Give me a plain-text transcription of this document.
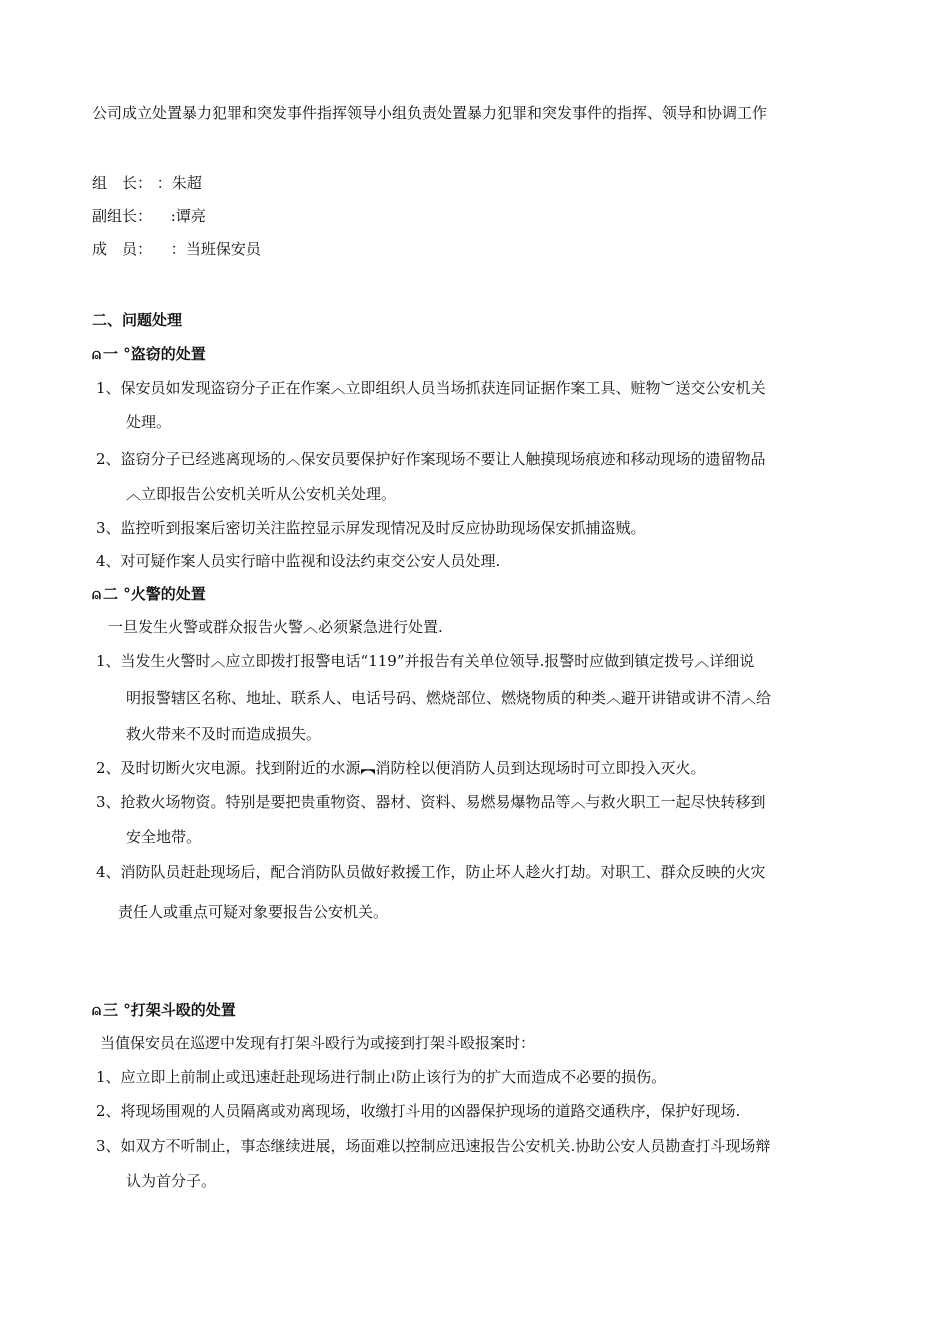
公司成立处置暴力犯罪和突发事件指挥领导小组负责处置暴力犯罪和突发事件的指挥、领导和协调工作
组　长： ：朱超
副组长： :谭亮
成　员： ：当班保安员
二、问题处理
⍝ 一 °盗窃的处置
1、保安员如发现盗窃分子正在作案︿立即组织人员当场抓获连同证据作案工具、赃物︶送交公安机关
处理。
2、盗窃分子已经逃离现场的︿保安员要保护好作案现场不要让人触摸现场痕迹和移动现场的遗留物品
︿立即报告公安机关听从公安机关处理。
3、监控听到报案后密切关注监控显示屏发现情况及时反应协助现场保安抓捕盗贼。
4、对可疑作案人员实行暗中监视和设法约束交公安人员处理.
⍝ 二 °火警的处置
一旦发生火警或群众报告火警︿必须紧急进行处置.
1、当发生火警时︿应立即拨打报警电话“119”并报告有关单位领导.报警时应做到镇定拨号︿详细说
明报警辖区名称、地址、联系人、电话号码、燃烧部位、燃烧物质的种类︿避开讲错或讲不清︿给
救火带来不及时而造成损失。
2、及时切断火灾电源。找到附近的水源︻消防栓以便消防人员到达现场时可立即投入灭火。
3、抢救火场物资。特别是要把贵重物资、器材、资料、易燃易爆物品等︿与救火职工一起尽快转移到
安全地带。
4、消防队员赶赴现场后，配合消防队员做好救援工作，防止坏人趁火打劫。对职工、群众反映的火灾
责任人或重点可疑对象要报告公安机关。
⍝ 三 °打架斗殴的处置
当值保安员在巡逻中发现有打架斗殴行为或接到打架斗殴报案时：
1、应立即上前制止或迅速赶赴现场进行制止≀防止该行为的扩大而造成不必要的损伤。
2、将现场围观的人员隔离或劝离现场，收缴打斗用的凶器保护现场的道路交通秩序，保护好现场.
3、如双方不听制止，事态继续进展，场面难以控制应迅速报告公安机关.协助公安人员勘查打斗现场辩
认为首分子。
